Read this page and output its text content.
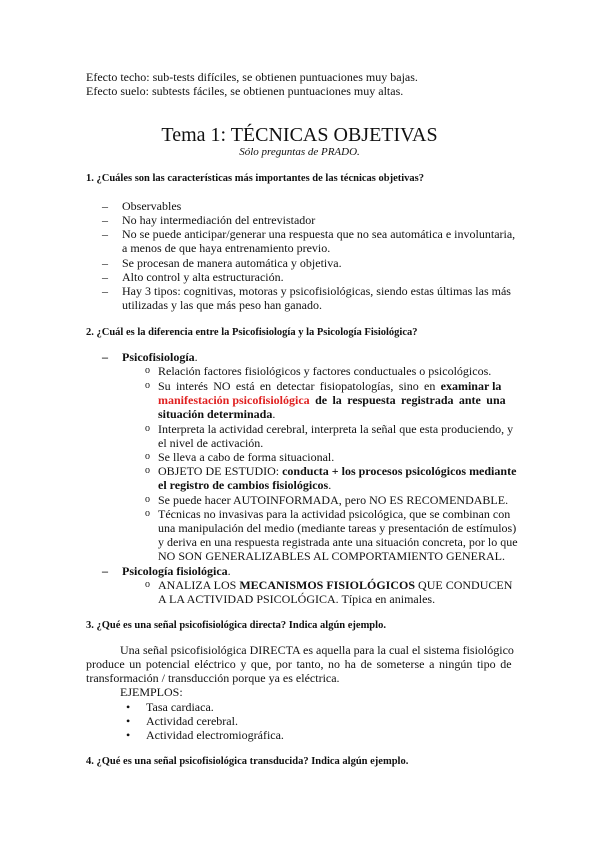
Efecto techo: sub-tests difíciles, se obtienen puntuaciones muy bajas.
Efecto suelo: subtests fáciles, se obtienen puntuaciones muy altas.
Tema 1: TÉCNICAS OBJETIVAS
Sólo preguntas de PRADO.
1. ¿Cuáles son las características más importantes de las técnicas objetivas?
– Observables
– No hay intermediación del entrevistador
– No se puede anticipar/generar una respuesta que no sea automática e involuntaria,
a menos de que haya entrenamiento previo.
– Se procesan de manera automática y objetiva.
– Alto control y alta estructuración.
– Hay 3 tipos: cognitivas, motoras y psicofisiológicas, siendo estas últimas las más
utilizadas y las que más peso han ganado.
2. ¿Cuál es la diferencia entre la Psicofisiología y la Psicología Fisiológica?
– Psicofisiología.
o Relación factores fisiológicos y factores conductuales o psicológicos.
o Su interés NO está en detectar fisiopatologías, sino en examinar la
manifestación psicofisiológica de la respuesta registrada ante una
situación determinada.
o Interpreta la actividad cerebral, interpreta la señal que esta produciendo, y
el nivel de activación.
o Se lleva a cabo de forma situacional.
o OBJETO DE ESTUDIO: conducta + los procesos psicológicos mediante
el registro de cambios fisiológicos.
o Se puede hacer AUTOINFORMADA, pero NO ES RECOMENDABLE.
o Técnicas no invasivas para la actividad psicológica, que se combinan con
una manipulación del medio (mediante tareas y presentación de estímulos)
y deriva en una respuesta registrada ante una situación concreta, por lo que
NO SON GENERALIZABLES AL COMPORTAMIENTO GENERAL.
– Psicología fisiológica.
o ANALIZA LOS MECANISMOS FISIOLÓGICOS QUE CONDUCEN
A LA ACTIVIDAD PSICOLÓGICA. Típica en animales.
3. ¿Qué es una señal psicofisiológica directa? Indica algún ejemplo.
Una señal psicofisiológica DIRECTA es aquella para la cual el sistema fisiológico
produce un potencial eléctrico y que, por tanto, no ha de someterse a ningún tipo de
transformación / transducción porque ya es eléctrica.
EJEMPLOS:
• Tasa cardiaca.
• Actividad cerebral.
• Actividad electromiográfica.
4. ¿Qué es una señal psicofisiológica transducida? Indica algún ejemplo.
